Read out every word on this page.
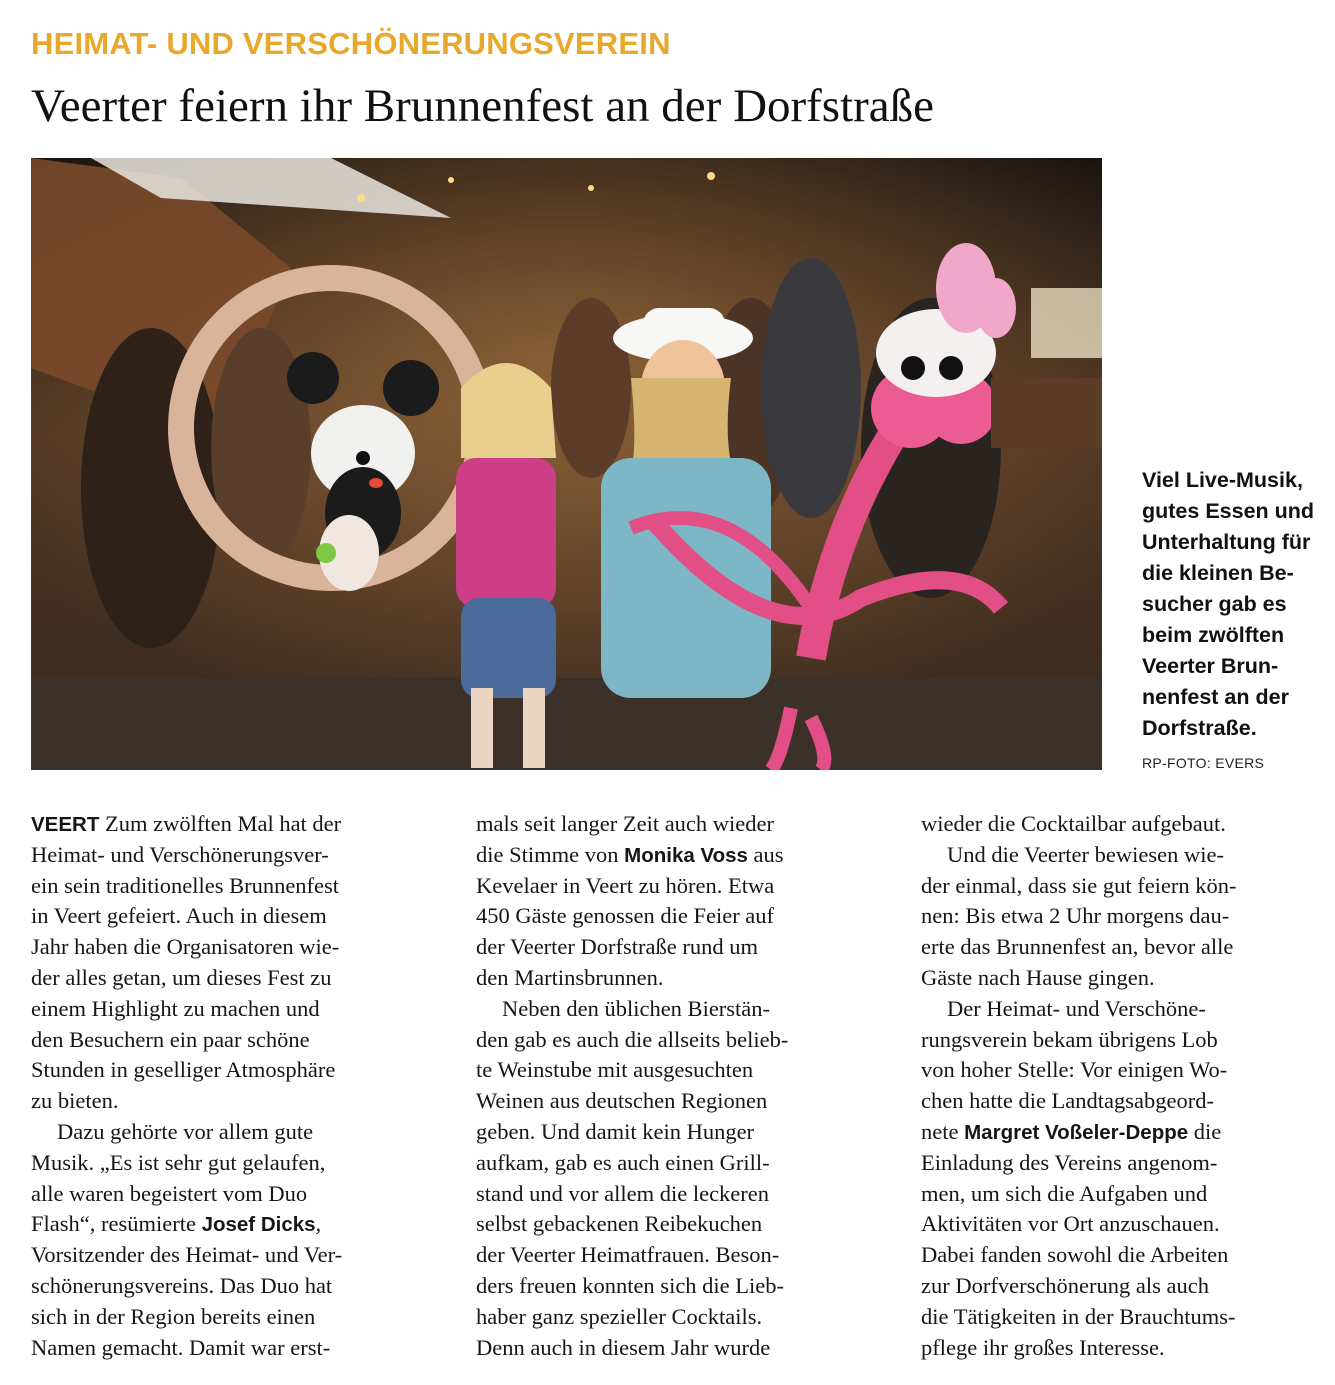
HEIMAT- UND VERSCHÖNERUNGSVEREIN
Veerter feiern ihr Brunnenfest an der Dorfstraße
Viel Live-Musik,
gutes Essen und
Unterhaltung für
die kleinen Be-
sucher gab es
beim zwölften
Veerter Brun-
nenfest an der
Dorfstraße.
RP-FOTO: EVERS
VEERT Zum zwölften Mal hat der
Heimat- und Verschönerungsver-
ein sein traditionelles Brunnenfest
in Veert gefeiert. Auch in diesem
Jahr haben die Organisatoren wie-
der alles getan, um dieses Fest zu
einem Highlight zu machen und
den Besuchern ein paar schöne
Stunden in geselliger Atmosphäre
zu bieten.
Dazu gehörte vor allem gute
Musik. „Es ist sehr gut gelaufen,
alle waren begeistert vom Duo
Flash“, resümierte Josef Dicks,
Vorsitzender des Heimat- und Ver-
schönerungsvereins. Das Duo hat
sich in der Region bereits einen
Namen gemacht. Damit war erst-
mals seit langer Zeit auch wieder
die Stimme von Monika Voss aus
Kevelaer in Veert zu hören. Etwa
450 Gäste genossen die Feier auf
der Veerter Dorfstraße rund um
den Martinsbrunnen.
Neben den üblichen Bierstän-
den gab es auch die allseits belieb-
te Weinstube mit ausgesuchten
Weinen aus deutschen Regionen
geben. Und damit kein Hunger
aufkam, gab es auch einen Grill-
stand und vor allem die leckeren
selbst gebackenen Reibekuchen
der Veerter Heimatfrauen. Beson-
ders freuen konnten sich die Lieb-
haber ganz spezieller Cocktails.
Denn auch in diesem Jahr wurde
wieder die Cocktailbar aufgebaut.
Und die Veerter bewiesen wie-
der einmal, dass sie gut feiern kön-
nen: Bis etwa 2 Uhr morgens dau-
erte das Brunnenfest an, bevor alle
Gäste nach Hause gingen.
Der Heimat- und Verschöne-
rungsverein bekam übrigens Lob
von hoher Stelle: Vor einigen Wo-
chen hatte die Landtagsabgeord-
nete Margret Voßeler-Deppe die
Einladung des Vereins angenom-
men, um sich die Aufgaben und
Aktivitäten vor Ort anzuschauen.
Dabei fanden sowohl die Arbeiten
zur Dorfverschönerung als auch
die Tätigkeiten in der Brauchtums-
pflege ihr großes Interesse.
